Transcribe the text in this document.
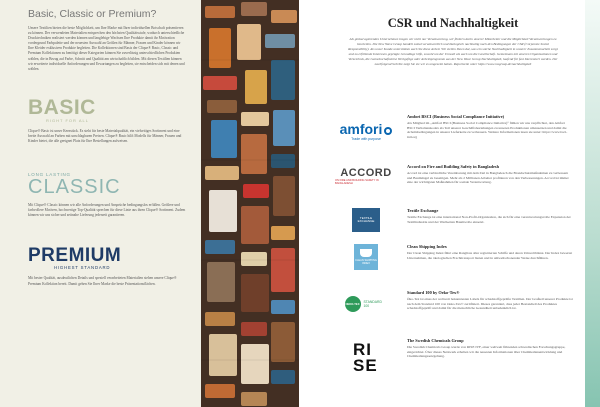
Basic, Classic or Premium?

Unsere Textilien bieten die beste Möglichkeit, um Ihre Marke mit Ihrer individuellen Botschaft präsentieren zu können. Der verwendeten Materialien entsprechen den höchsten Qualitätsstufe, wodurch unterschiedliche Drucktechniken realisiert werden können und langlebige Wachsen Ihre Produkte damit ihr Motivation vordergrund Farbpalette und der neuesten Auswahl an Größen für Männer, Frauen und Kinder können wir Ihre Kleider exklusiven Produkte begleiten. Die Kollektionen sind Basis der Clique® Basic, Classic und Premium Kollektionen zu benötigt dieser Kategorien können Sie zuverlässig unterschiedlichen Produkten wählen, die in Bezug auf Farbe, Schnitt und Qualität am wirtschaftlich bilden. Mit diesen Textilien können wir erweiterte individuelle Anforderungen und Erwartungen zu begleiten, sie entscheiden sich mit denen und wählen.

BASIC
RIGHT FOR ALL

Clique® Basic ist unser Kernstück. Es steht für beste Materialqualität, ein vielseitiges Sortiment und eine breite Auswahl an Farben mit unschlagbaren Preisen. Clique® Basic hilft Modells für Männer, Frauen und Kinder bietet, die alle geeignet Platz für Ihre Bestellungen aufweisen.

LONG LASTING
CLASSIC

Mit Clique® Classic können wir alle Anforderungen und Ansprüche bedingungslos erfüllen. Größere und farbvollere Motiven, hochwertige Top-Qualität sprechen für diese Linie aus ihren Clique® Sortiment. Zudem können wir uns sicher und zeitnahe Lieferung jederzeit garantieren.

PREMIUM
HIGHEST STANDARD

Mit bester Qualität, ausdeutlichen Details und speziell verarbeiteten Materialien stehen unsere Clique® Premium Kollektion bereit. Damit gehen Sie Ihrer Marke die beste Präsentationsflächen.

CSR und Nachhaltigkeit

Als global agierendes Unternehmen tragen wir nicht nur Verantwortung, wir fördern darin unserer Mitarbeiter und die Möglichkeit Verantwortungen zu beurteilen. Die New Wave Group handelt sozial verantwortlich und ökologisch nachhaltig nach den Bedingungen der CSR (Corporate Social Responsibility). Als unser Kunde unterstützen auch Sie diese Arbeit. Wir stellen Ihnen dar, was ein solche Nachhaltigkeit in unserer Zusammenarbeit sorgt und zu erfüllende Interessen geprägte Grundlage hilfe, sowohl um der Umwelt als auch um die Gesellschaft. Gemeinsam mit unseren Organisationen und Verzeichnis, die Gemeinschaftskrise Wertgefüge oder Arbeitsprogramm aus der New Wave Group Nachhaltigkeit, laufend für fast Interessiert werden. Der nachfolgend Schritte zeigt Sie sie wir es umgesetzt haben. Reportseite unter https://www.nwgroup.de/nachhaltigkeit

amfori
Trade with purpose
Amfori BSCI (Business Social Compliance Initiative)

Als Mitglied im „Amfori BSCI (Business Social Compliance Initiative)“ fühlen wir uns verpflichtet, den Amfori BSCI Verhaltenskodex als Teil unserer Geschäftsbeziehungen zu unseren Produktionen umzusetzen und damit die Arbeitsbedingungen in unserer Lieferkette zu verbessern. Weitere Informationen lesen sie unter: https://www.bsci-intl.org

ACCORD
ON FIRE AND BUILDING SAFETY IN BANGLADESH
Accord on Fire and Building Safety in Bangladesh

Accord ist eine verbindliche Vereinbarung mit dem Ziel in Bangladesch die Brandschutzmaßnahmen zu verbessern und Baumängel zu beseitigen. Mehr als 2 Millionen Arbeiter profitieren von den Verbesserungen. Accord ist immer eine der wichtigsten Maßnahmen für soziale Verantwortung.

TEXTILE EXCHANGE
Textile Exchange

Textile Exchange ist eine international Non-Profit-Organisation, die sich für eine verantwortungsvolle Expansion der Textilindustrie und der Wertketten Baumwolle einsetzt.

CLEAN SHIPPING INDEX
Clean Shipping Index

Der Clean Shipping Index führt eine Rangliste aller registrierten Schiffe und deren Umweltbilanz. Der Index bewertet Unternehmen, die ökologischen Frachttransport bieten und in umweltschonender Weise durchführen.

OEKO-TEX STANDARD 100
Standard 100 by Oeko-Tex®

Öko-Tex ist eines der weltweit bekanntesten Labels für schadstoffgeprüfte Textilien. Der Großteil unserer Produkte ist nach dem Standard 100 von Oeko-Tex® zertifiziert. Dieses garantiert, dass jeder Bestandteil des Produktes schadstoffgeprüft und damit für die menschliche Gesundheit unbedenklich ist.

RISE
The Swedish Chemicals Group

Die Swedish Chemicals Group wurde von RISE IVF, einer weltweit führenden schwedischen Forschungsgruppe, eingerichtet. Über dieses Netzwerk erhalten wir die neuesten Informationen über Chemikalienentwicklung und Chemikaliengesetzgebung.
